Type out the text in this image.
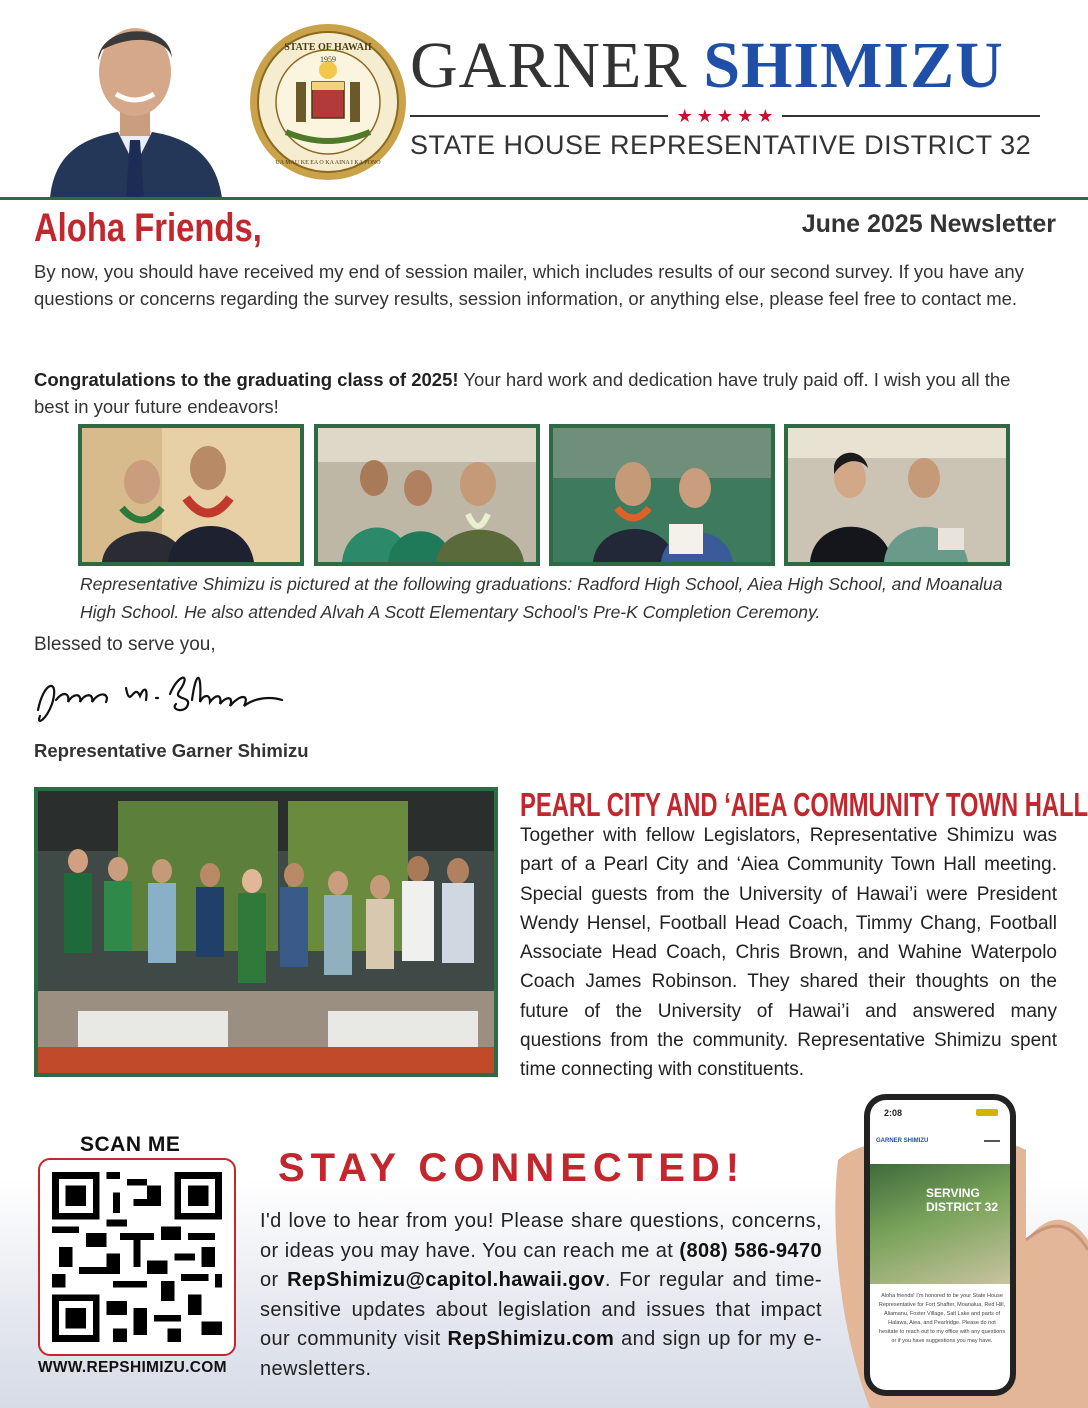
STATE OF HAWAII
1959
UA MAU KE EA O KA AINA I KA PONO
GARNER SHIMIZU
★★★★★
STATE HOUSE REPRESENTATIVE DISTRICT 32
Aloha Friends,	June 2025 Newsletter

By now, you should have received my end of session mailer, which includes results of our second survey. If you have any questions or concerns regarding the survey results, session information, or anything else, please feel free to contact me.

Congratulations to the graduating class of 2025! Your hard work and dedication have truly paid off. I wish you all the best in your future endeavors!

Representative Shimizu is pictured at the following graduations: Radford High School, Aiea High School, and Moanalua High School. He also attended Alvah A Scott Elementary School's Pre-K Completion Ceremony.

Blessed to serve you,
Representative Garner Shimizu
PEARL CITY AND ‘AIEA COMMUNITY TOWN HALL

Together with fellow Legislators, Representative Shimizu was part of a Pearl City and ‘Aiea Community Town Hall meeting. Special guests from the University of Hawai’i were President Wendy Hensel, Football Head Coach, Timmy Chang, Football Associate Head Coach, Chris Brown, and Wahine Waterpolo Coach James Robinson. They shared their thoughts on the future of the University of Hawai’i and answered many questions from the community. Representative Shimizu spent time connecting with constituents.

SCAN ME
WWW.REPSHIMIZU.COM
STAY CONNECTED!

I'd love to hear from you! Please share questions, concerns, or ideas you may have. You can reach me at (808) 586-9470 or RepShimizu@capitol.hawaii.gov. For regular and time-sensitive updates about legislation and issues that impact our community visit RepShimizu.com and sign up for my e-newsletters.

2:08
GARNER SHIMIZU
SERVING DISTRICT 32
Aloha friends! I'm honored to be your State House Representative for Fort Shafter, Moanalua, Red Hill, Aliamanu, Foster Village, Salt Lake and parts of Halawa, Aiea, and Pearlridge. Please do not hesitate to reach out to my office with any questions or if you have suggestions you may have.
